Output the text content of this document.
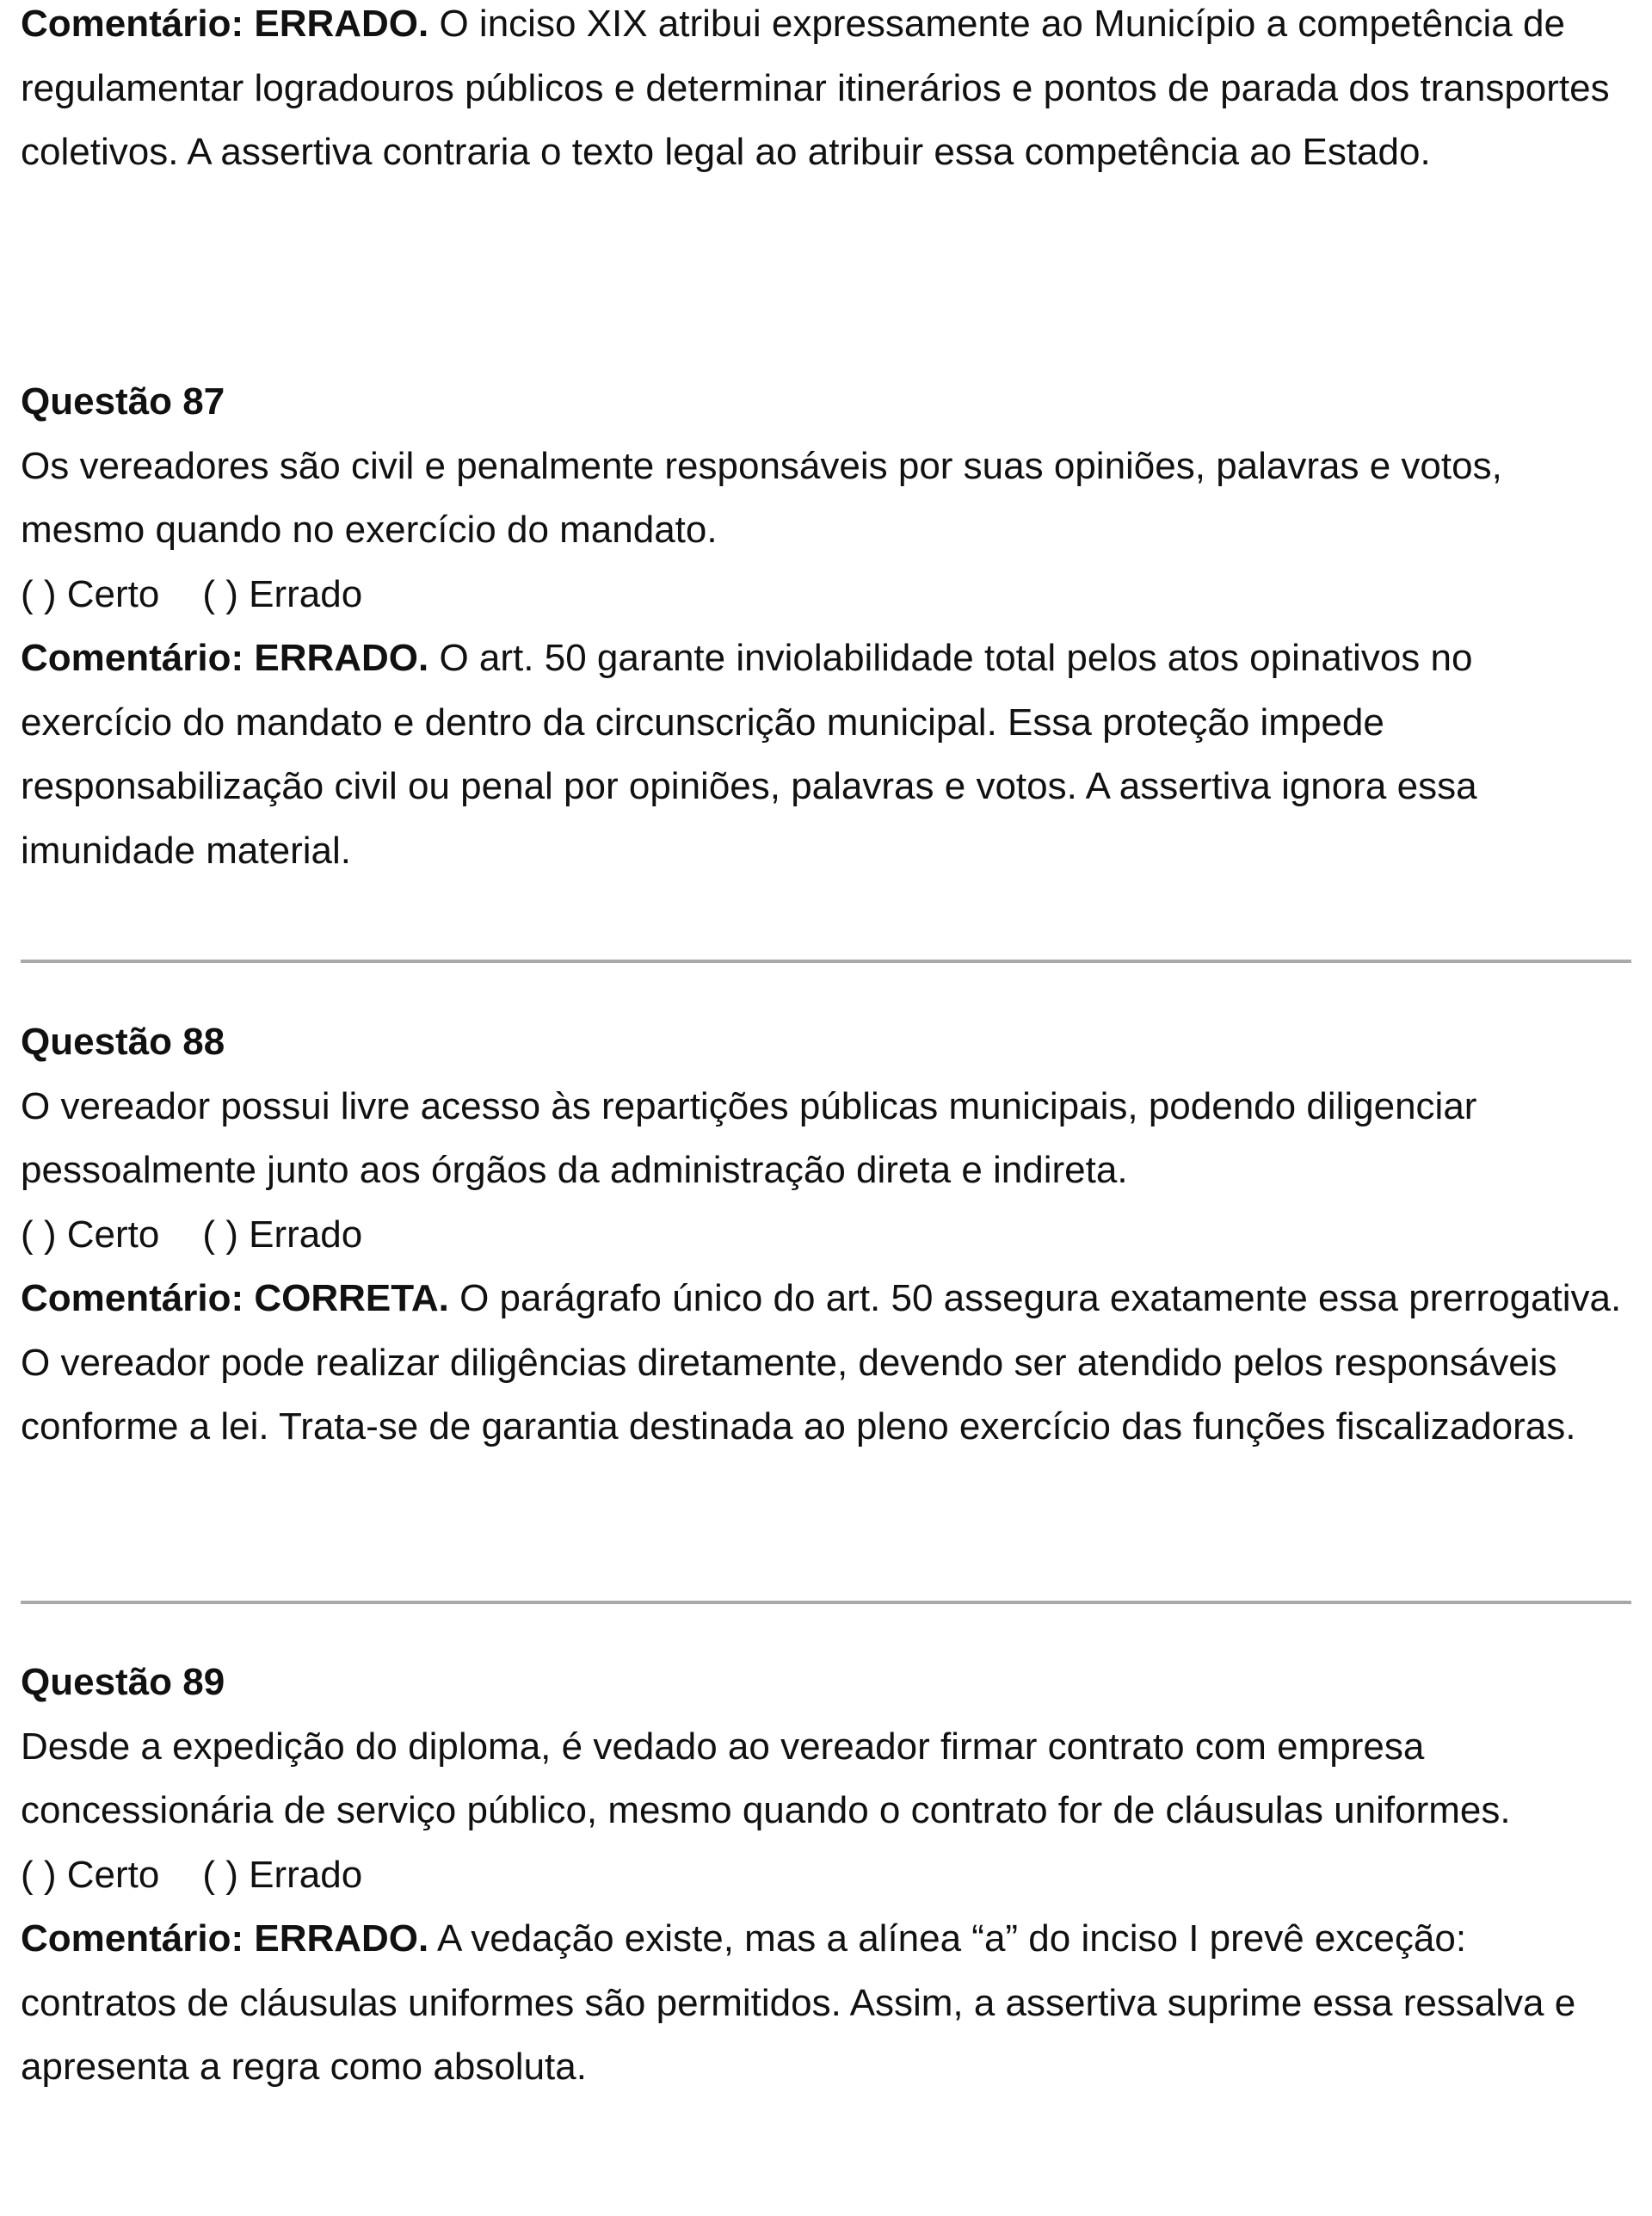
Comentário: ERRADO. O inciso XIX atribui expressamente ao Município a competência de regulamentar logradouros públicos e determinar itinerários e pontos de parada dos transportes coletivos. A assertiva contraria o texto legal ao atribuir essa competência ao Estado.

Questão 87

Os vereadores são civil e penalmente responsáveis por suas opiniões, palavras e votos, mesmo quando no exercício do mandato.

( ) Certo ( ) Errado

Comentário: ERRADO. O art. 50 garante inviolabilidade total pelos atos opinativos no exercício do mandato e dentro da circunscrição municipal. Essa proteção impede responsabilização civil ou penal por opiniões, palavras e votos. A assertiva ignora essa imunidade material.

Questão 88

O vereador possui livre acesso às repartições públicas municipais, podendo diligenciar pessoalmente junto aos órgãos da administração direta e indireta.

( ) Certo ( ) Errado

Comentário: CORRETA. O parágrafo único do art. 50 assegura exatamente essa prerrogativa. O vereador pode realizar diligências diretamente, devendo ser atendido pelos responsáveis conforme a lei. Trata-se de garantia destinada ao pleno exercício das funções fiscalizadoras.

Questão 89

Desde a expedição do diploma, é vedado ao vereador firmar contrato com empresa concessionária de serviço público, mesmo quando o contrato for de cláusulas uniformes.

( ) Certo ( ) Errado

Comentário: ERRADO. A vedação existe, mas a alínea “a” do inciso I prevê exceção: contratos de cláusulas uniformes são permitidos. Assim, a assertiva suprime essa ressalva e apresenta a regra como absoluta.
